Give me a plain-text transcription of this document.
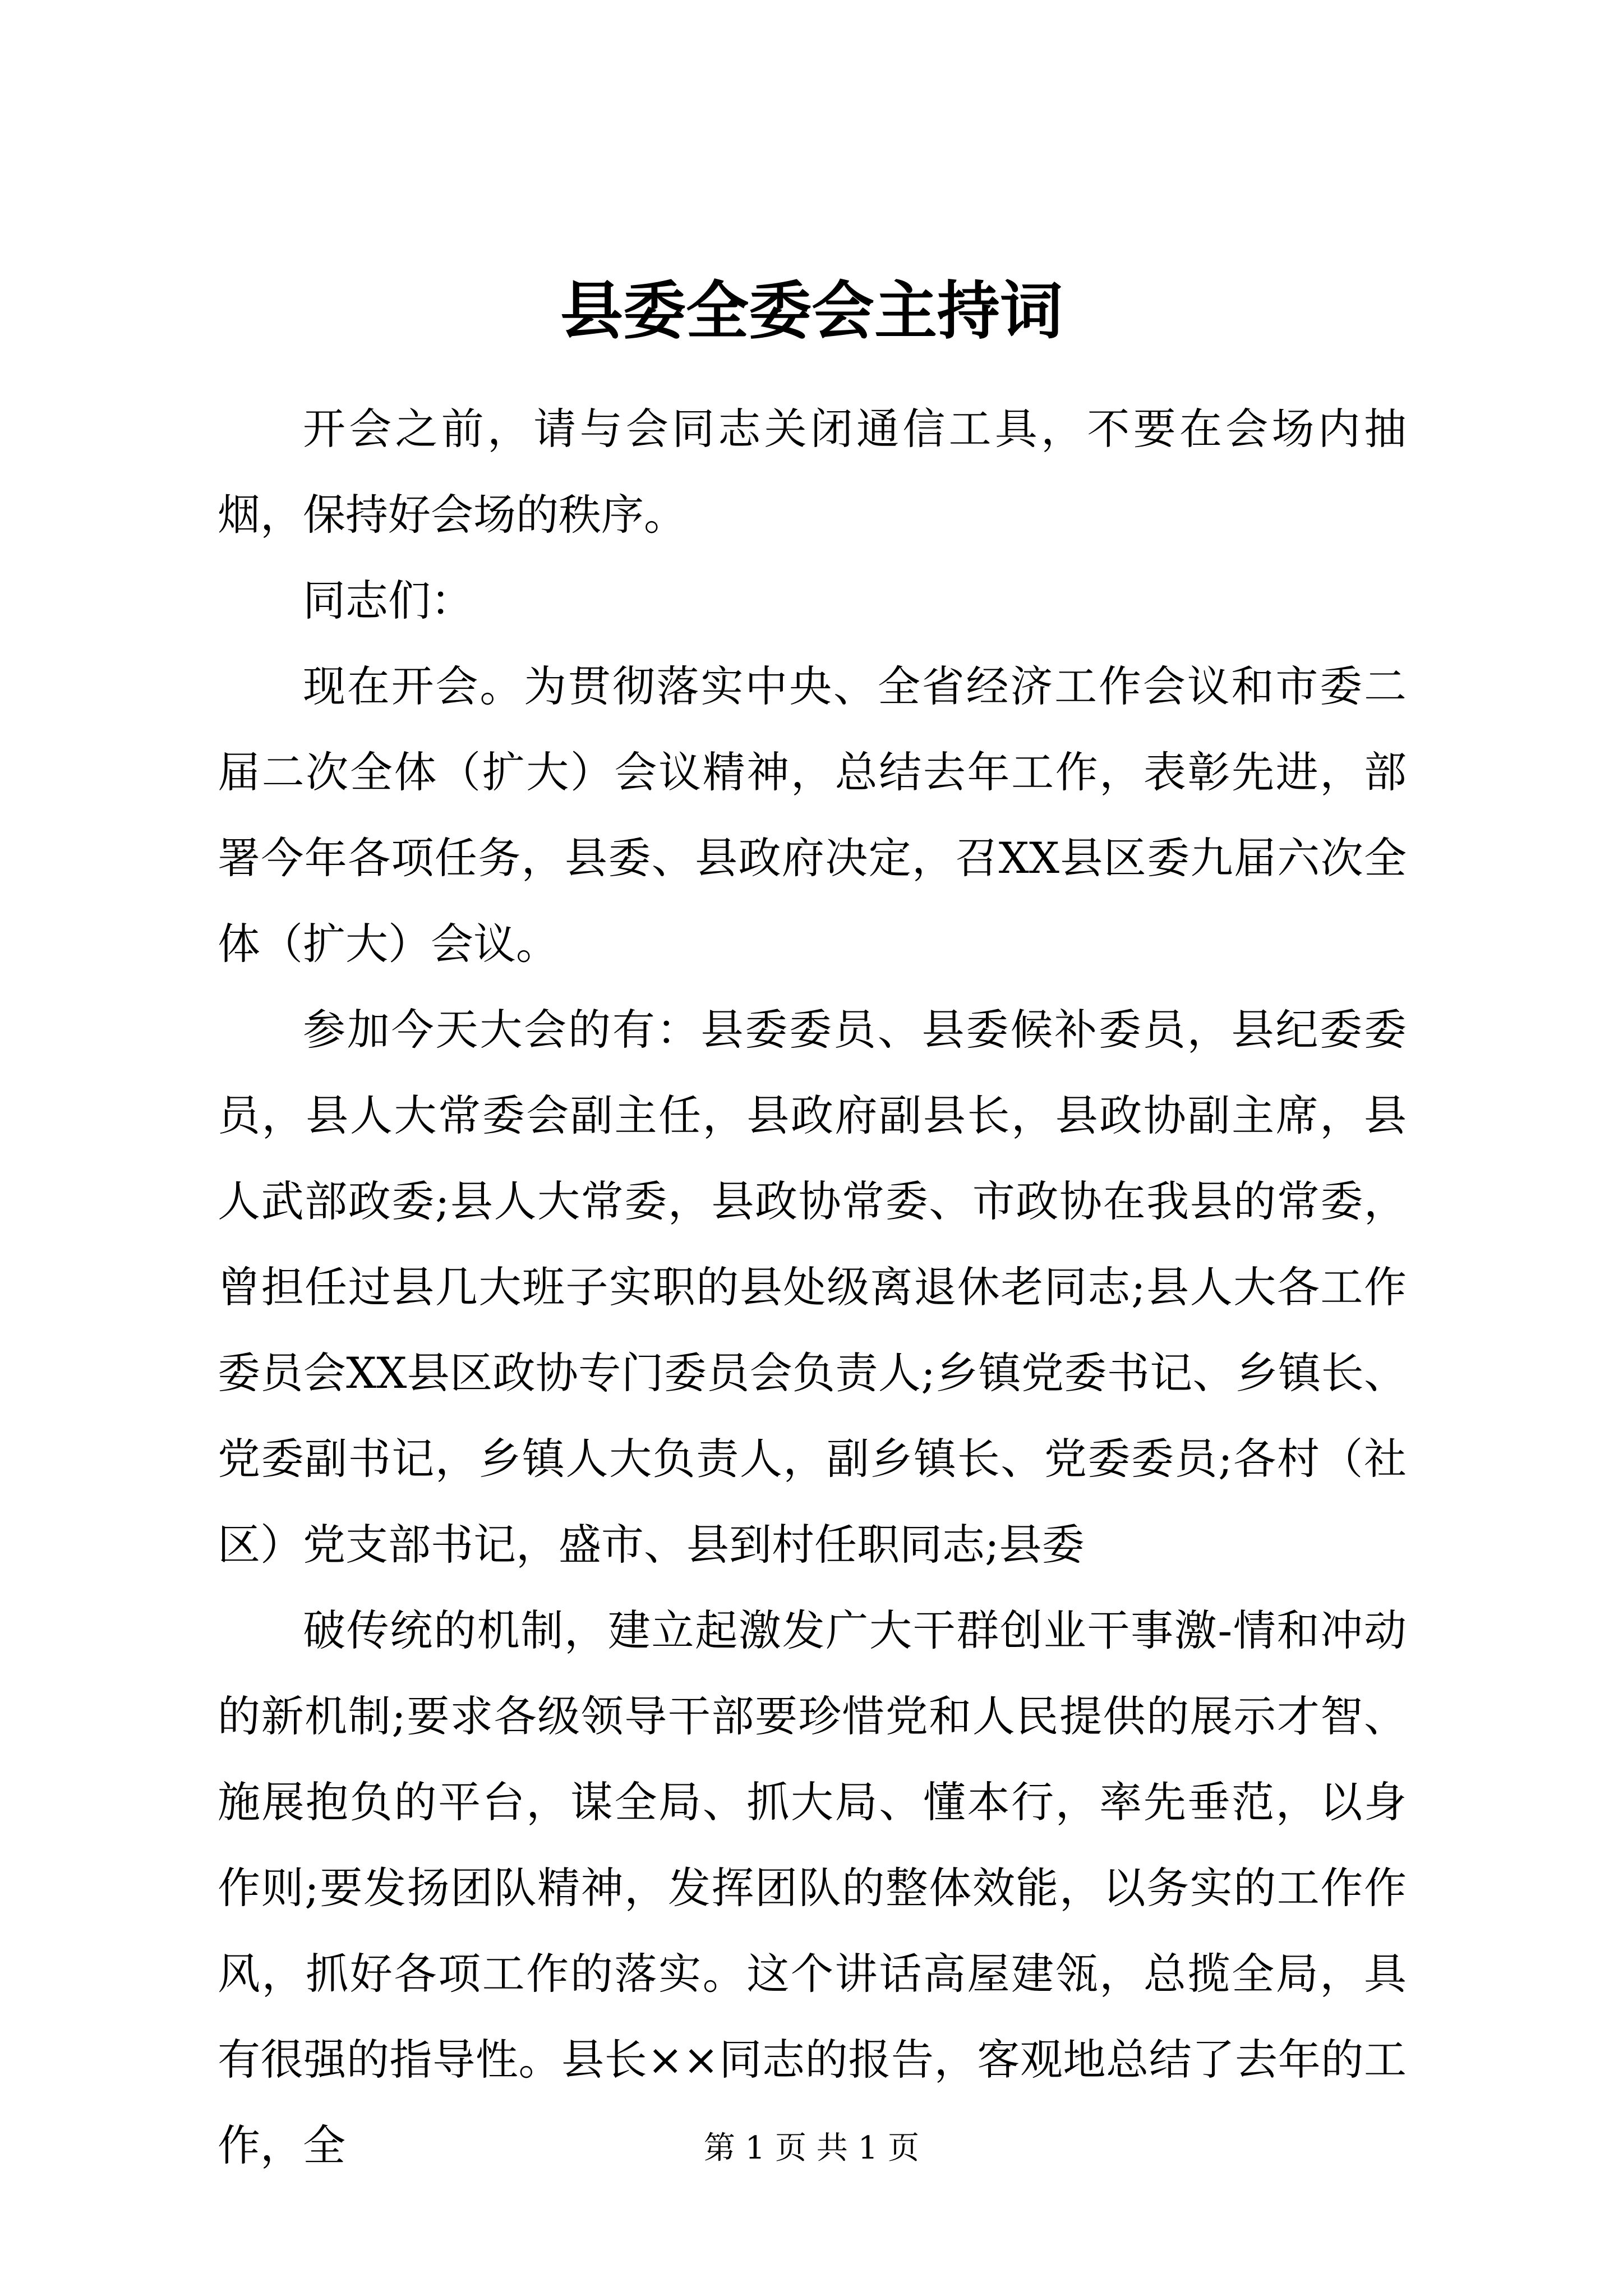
县委全委会主持词

开会之前，请与会同志关闭通信工具，不要在会场内抽烟，保持好会场的秩序。

同志们：

现在开会。为贯彻落实中央、全省经济工作会议和市委二届二次全体（扩大）会议精神，总结去年工作，表彰先进，部署今年各项任务，县委、县政府决定，召XX县区委九届六次全体（扩大）会议。

参加今天大会的有：县委委员、县委候补委员，县纪委委员，县人大常委会副主任，县政府副县长，县政协副主席，县人武部政委;县人大常委，县政协常委、市政协在我县的常委，曾担任过县几大班子实职的县处级离退休老同志;县人大各工作委员会XX县区政协专门委员会负责人;乡镇党委书记、乡镇长、党委副书记，乡镇人大负责人，副乡镇长、党委委员;各村（社区）党支部书记，盛市、县到村任职同志;县委

破传统的机制，建立起激发广大干群创业干事激-情和冲动的新机制;要求各级领导干部要珍惜党和人民提供的展示才智、施展抱负的平台，谋全局、抓大局、懂本行，率先垂范，以身作则;要发扬团队精神，发挥团队的整体效能，以务实的工作作风，抓好各项工作的落实。这个讲话高屋建瓴，总揽全局，具有很强的指导性。县长××同志的报告，客观地总结了去年的工作，全	第 1 页 共 1 页
